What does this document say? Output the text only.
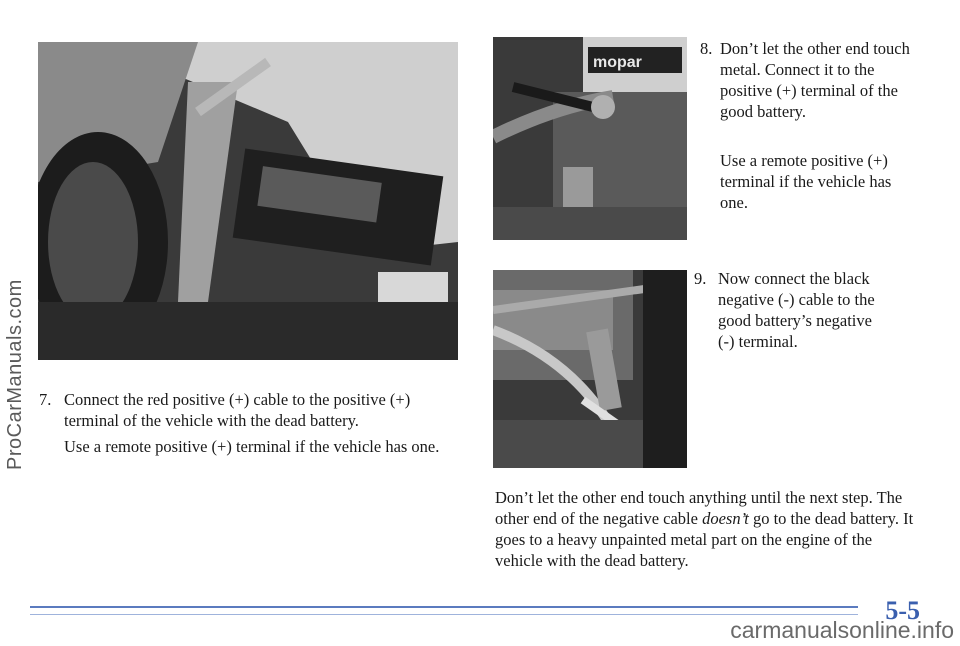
mopar
7. Connect the red positive (+) cable to the positive (+) terminal of the vehicle with the dead battery.
Use a remote positive (+) terminal if the vehicle has one.
8. Don’t let the other end touch metal. Connect it to the positive (+) terminal of the good battery.
Use a remote positive (+) terminal if the vehicle has one.
9. Now connect the black negative (-) cable to the good battery’s negative (-) terminal.
Don’t let the other end touch anything until the next step. The other end of the negative cable doesn’t go to the dead battery. It goes to a heavy unpainted metal part on the engine of the vehicle with the dead battery.
5-5
ProCarManuals.com
carmanualsonline.info
